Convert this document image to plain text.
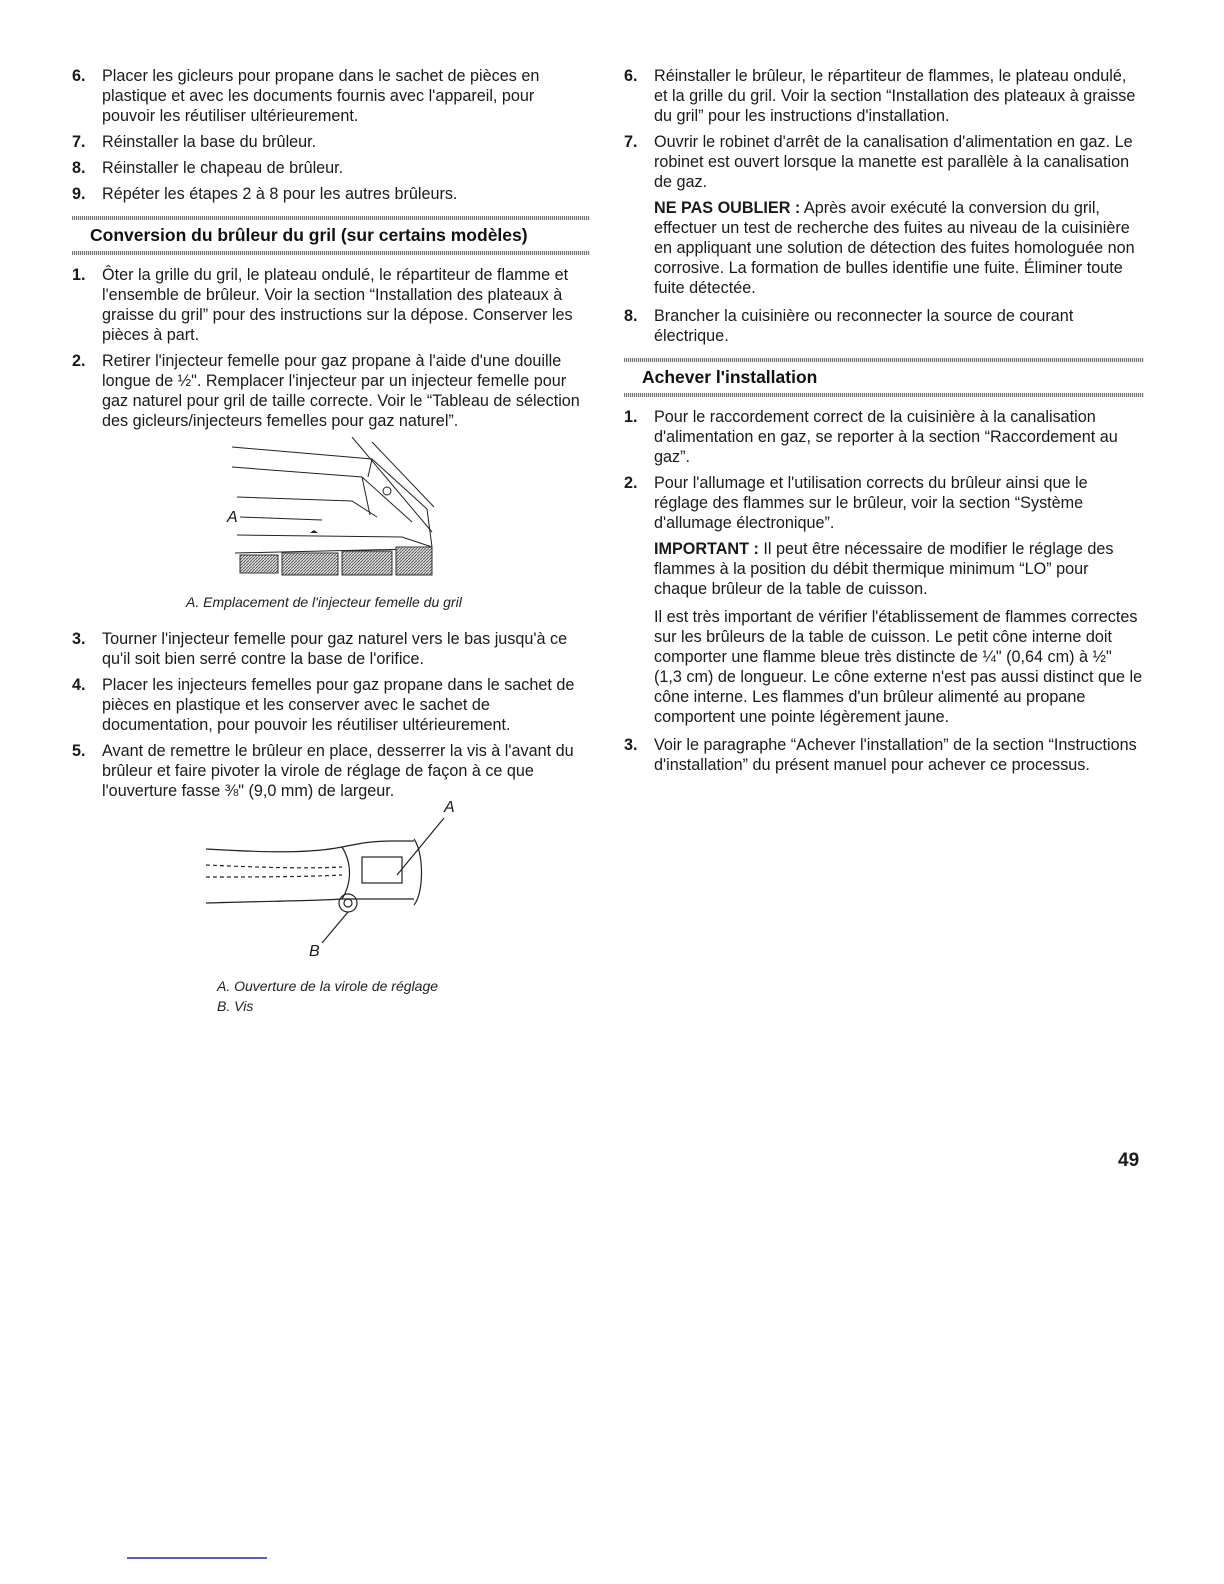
6.	Placer les gicleurs pour propane dans le sachet de pièces en plastique et avec les documents fournis avec l'appareil, pour pouvoir les réutiliser ultérieurement.
7.	Réinstaller la base du brûleur.
8.	Réinstaller le chapeau de brûleur.
9.	Répéter les étapes 2 à 8 pour les autres brûleurs.
Conversion du brûleur du gril (sur certains modèles)
1.	Ôter la grille du gril, le plateau ondulé, le répartiteur de flamme et l'ensemble de brûleur. Voir la section “Installation des plateaux à graisse du gril” pour des instructions sur la dépose. Conserver les pièces à part.
2.	Retirer l'injecteur femelle pour gaz propane à l'aide d'une douille longue de ½". Remplacer l'injecteur par un injecteur femelle pour gaz naturel pour gril de taille correcte. Voir le “Tableau de sélection des gicleurs/injecteurs femelles pour gaz naturel”.
A
A. Emplacement de l'injecteur femelle du gril
3.	Tourner l'injecteur femelle pour gaz naturel vers le bas jusqu'à ce qu'il soit bien serré contre la base de l'orifice.
4.	Placer les injecteurs femelles pour gaz propane dans le sachet de pièces en plastique et les conserver avec le sachet de documentation, pour pouvoir les réutiliser ultérieurement.
5.	Avant de remettre le brûleur en place, desserrer la vis à l'avant du brûleur et faire pivoter la virole de réglage de façon à ce que l'ouverture fasse ⅜" (9,0 mm) de largeur.
A
B
A. Ouverture de la virole de réglage
B. Vis
6.	Réinstaller le brûleur, le répartiteur de flammes, le plateau ondulé, et la grille du gril. Voir la section “Installation des plateaux à graisse du gril” pour les instructions d'installation.
7.	Ouvrir le robinet d'arrêt de la canalisation d'alimentation en gaz. Le robinet est ouvert lorsque la manette est parallèle à la canalisation de gaz.
NE PAS OUBLIER : Après avoir exécuté la conversion du gril, effectuer un test de recherche des fuites au niveau de la cuisinière en appliquant une solution de détection des fuites homologuée non corrosive. La formation de bulles identifie une fuite. Éliminer toute fuite détectée.
8.	Brancher la cuisinière ou reconnecter la source de courant électrique.
Achever l'installation
1.	Pour le raccordement correct de la cuisinière à la canalisation d'alimentation en gaz, se reporter à la section “Raccordement au gaz”.
2.	Pour l'allumage et l'utilisation corrects du brûleur ainsi que le réglage des flammes sur le brûleur, voir la section “Système d'allumage électronique”.
IMPORTANT : Il peut être nécessaire de modifier le réglage des flammes à la position du débit thermique minimum “LO” pour chaque brûleur de la table de cuisson.
Il est très important de vérifier l'établissement de flammes correctes sur les brûleurs de la table de cuisson. Le petit cône interne doit comporter une flamme bleue très distincte de ¼" (0,64 cm) à ½" (1,3 cm) de longueur. Le cône externe n'est pas aussi distinct que le cône interne. Les flammes d'un brûleur alimenté au propane comportent une pointe légèrement jaune.
3.	Voir le paragraphe “Achever l'installation” de la section “Instructions d'installation” du présent manuel pour achever ce processus.
49
